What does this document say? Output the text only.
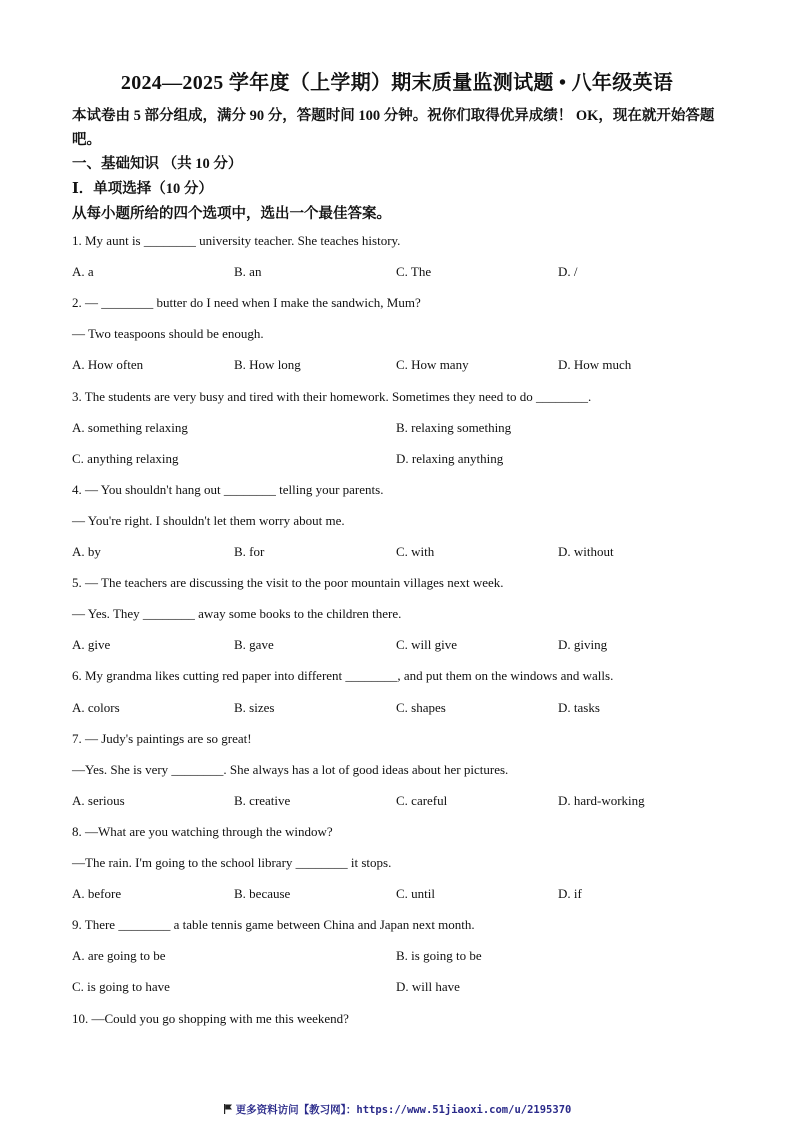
2024—2025 学年度（上学期）期末质量监测试题 • 八年级英语
本试卷由 5 部分组成，满分 90 分，答题时间 100 分钟。祝你们取得优异成绩！ OK，现在就开始答题吧。
一、基础知识 （共 10 分）
Ⅰ．单项选择（10 分）
从每小题所给的四个选项中，选出一个最佳答案。
1. My aunt is ________ university teacher. She teaches history.
A. a	B. an	C. The	D. /
2. — ________ butter do I need when I make the sandwich, Mum?
— Two teaspoons should be enough.
A. How often	B. How long	C. How many	D. How much
3. The students are very busy and tired with their homework. Sometimes they need to do ________.
A. something relaxing	B. relaxing something
C. anything relaxing	D. relaxing anything
4. — You shouldn't hang out ________ telling your parents.
— You're right. I shouldn't let them worry about me.
A. by	B. for	C. with	D. without
5. — The teachers are discussing the visit to the poor mountain villages next week.
— Yes. They ________ away some books to the children there.
A. give	B. gave	C. will give	D. giving
6. My grandma likes cutting red paper into different ________, and put them on the windows and walls.
A. colors	B. sizes	C. shapes	D. tasks
7. — Judy's paintings are so great!
—Yes. She is very ________. She always has a lot of good ideas about her pictures.
A. serious	B. creative	C. careful	D. hard-working
8. —What are you watching through the window?
—The rain. I'm going to the school library ________ it stops.
A. before	B. because	C. until	D. if
9. There ________ a table tennis game between China and Japan next month.
A. are going to be	B. is going to be
C. is going to have	D. will have
10. —Could you go shopping with me this weekend?
更多资料访问【教习网】：https://www.51jiaoxi.com/u/2195370
